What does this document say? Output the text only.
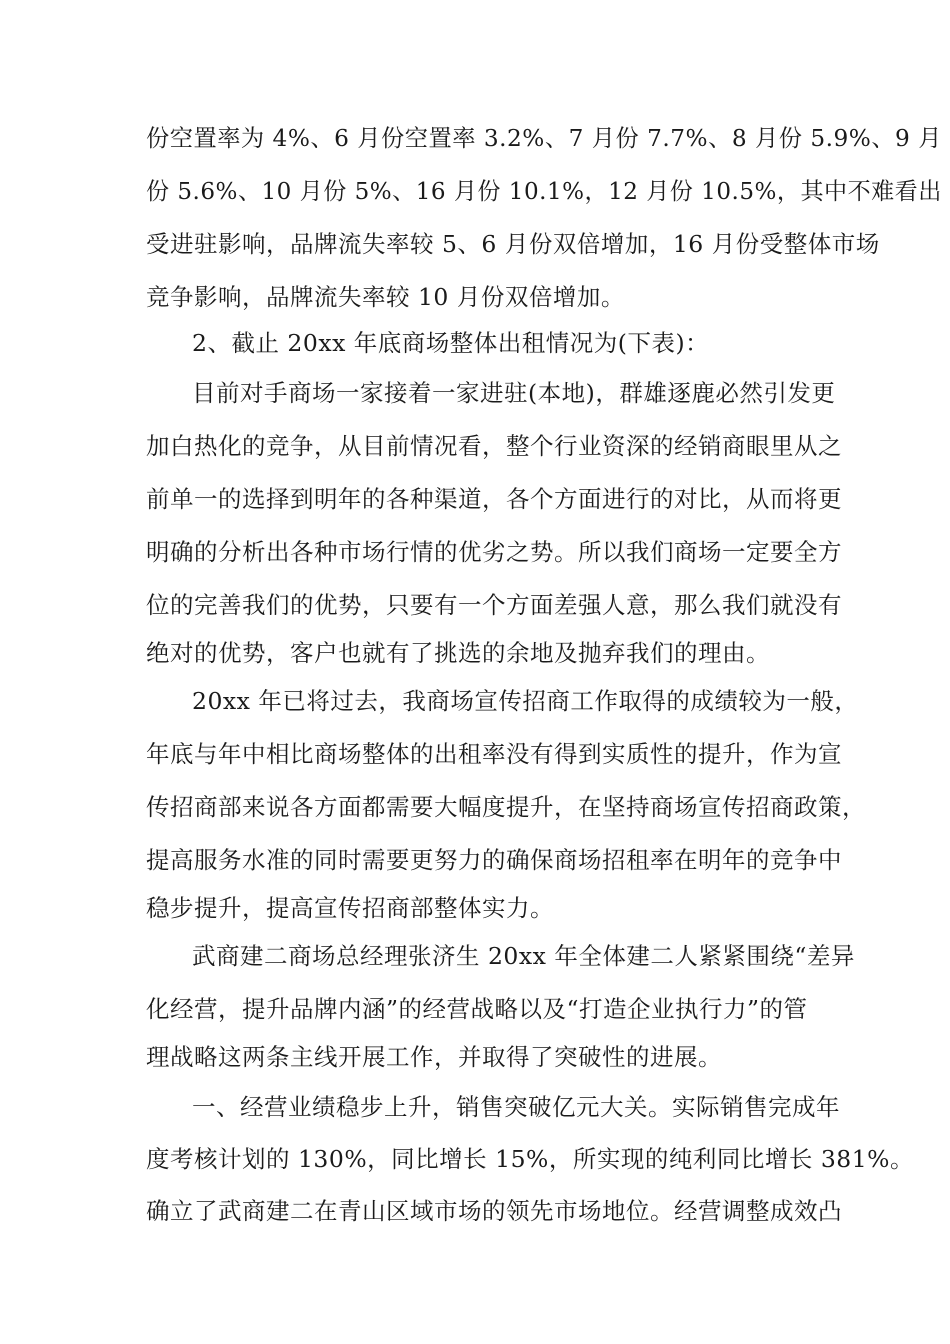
份空置率为 4%、6 月份空置率 3.2%、7 月份 7.7%、8 月份 5.9%、9 月
份 5.6%、10 月份 5%、16 月份 10.1%，12 月份 10.5%，其中不难看出
受进驻影响，品牌流失率较 5、6 月份双倍增加，16 月份受整体市场
竞争影响，品牌流失率较 10 月份双倍增加。
2、截止 20xx 年底商场整体出租情况为(下表)：
目前对手商场一家接着一家进驻(本地)，群雄逐鹿必然引发更
加白热化的竞争，从目前情况看，整个行业资深的经销商眼里从之
前单一的选择到明年的各种渠道，各个方面进行的对比，从而将更
明确的分析出各种市场行情的优劣之势。所以我们商场一定要全方
位的完善我们的优势，只要有一个方面差强人意，那么我们就没有
绝对的优势，客户也就有了挑选的余地及抛弃我们的理由。
20xx 年已将过去，我商场宣传招商工作取得的成绩较为一般，
年底与年中相比商场整体的出租率没有得到实质性的提升，作为宣
传招商部来说各方面都需要大幅度提升，在坚持商场宣传招商政策，
提高服务水准的同时需要更努力的确保商场招租率在明年的竞争中
稳步提升，提高宣传招商部整体实力。
武商建二商场总经理张济生 20xx 年全体建二人紧紧围绕“差异
化经营，提升品牌内涵”的经营战略以及“打造企业执行力”的管
理战略这两条主线开展工作，并取得了突破性的进展。
一、经营业绩稳步上升，销售突破亿元大关。实际销售完成年
度考核计划的 130%，同比增长 15%，所实现的纯利同比增长 381%。
确立了武商建二在青山区域市场的领先市场地位。经营调整成效凸
